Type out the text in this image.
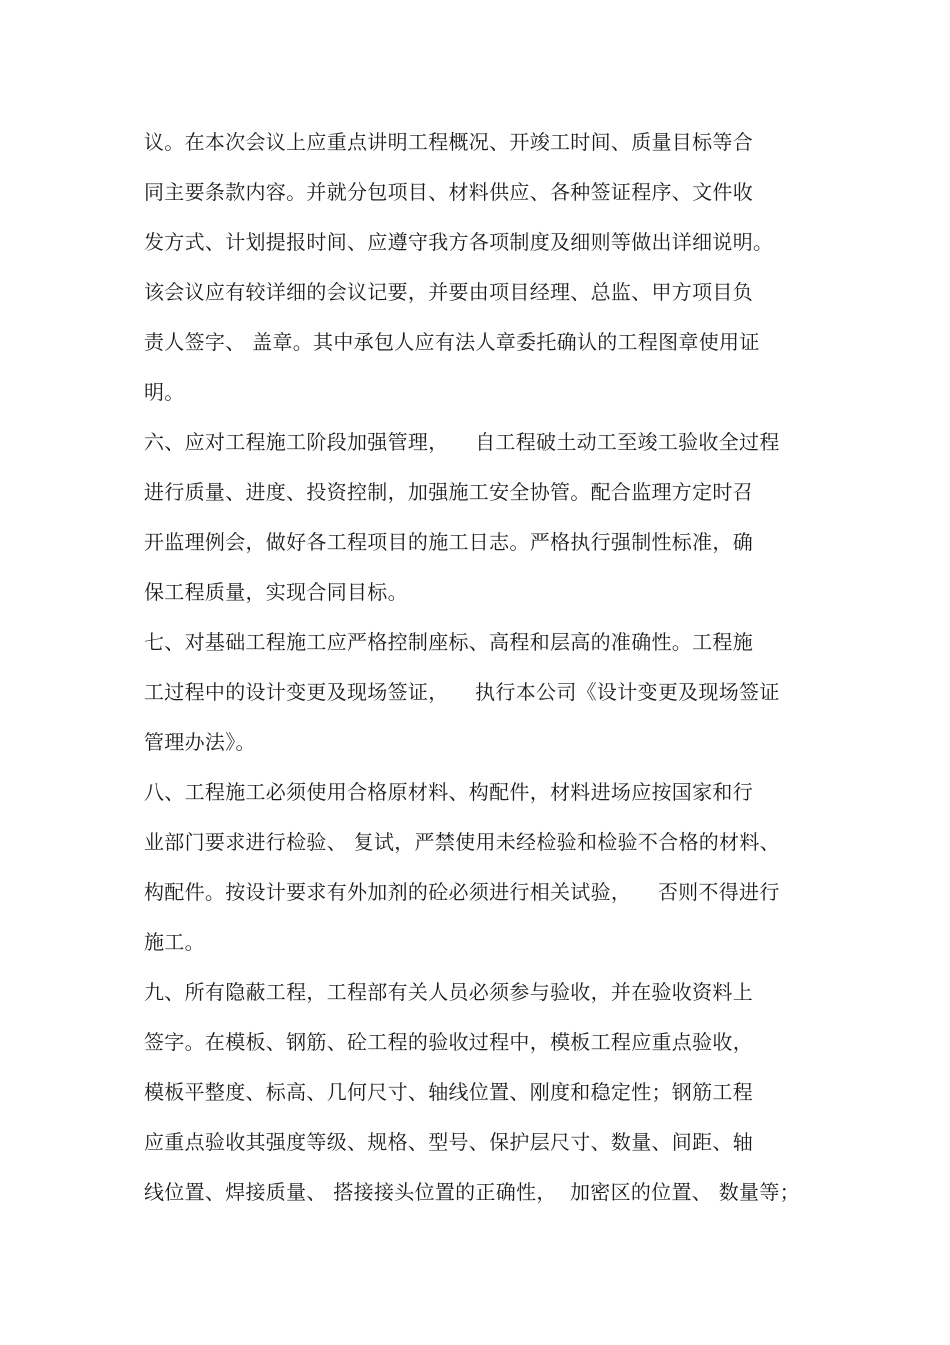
议。在本次会议上应重点讲明工程概况、开竣工时间、质量目标等合
同主要条款内容。并就分包项目、材料供应、各种签证程序、文件收
发方式、计划提报时间、应遵守我方各项制度及细则等做出详细说明。
该会议应有较详细的会议记要，并要由项目经理、总监、甲方项目负
责人签字、 盖章。其中承包人应有法人章委托确认的工程图章使用证
明。
六、应对工程施工阶段加强管理，    自工程破土动工至竣工验收全过程
进行质量、进度、投资控制，加强施工安全协管。配合监理方定时召
开监理例会，做好各工程项目的施工日志。严格执行强制性标准，确
保工程质量，实现合同目标。
七、对基础工程施工应严格控制座标、高程和层高的准确性。工程施
工过程中的设计变更及现场签证，    执行本公司《设计变更及现场签证
管理办法》。
八、工程施工必须使用合格原材料、构配件，材料进场应按国家和行
业部门要求进行检验、 复试，严禁使用未经检验和检验不合格的材料、
构配件。按设计要求有外加剂的砼必须进行相关试验，    否则不得进行
施工。
九、所有隐蔽工程，工程部有关人员必须参与验收，并在验收资料上
签字。在模板、钢筋、砼工程的验收过程中，模板工程应重点验收，
模板平整度、标高、几何尺寸、轴线位置、刚度和稳定性；钢筋工程
应重点验收其强度等级、规格、型号、保护层尺寸、数量、间距、轴
线位置、焊接质量、 搭接接头位置的正确性，  加密区的位置、 数量等；
